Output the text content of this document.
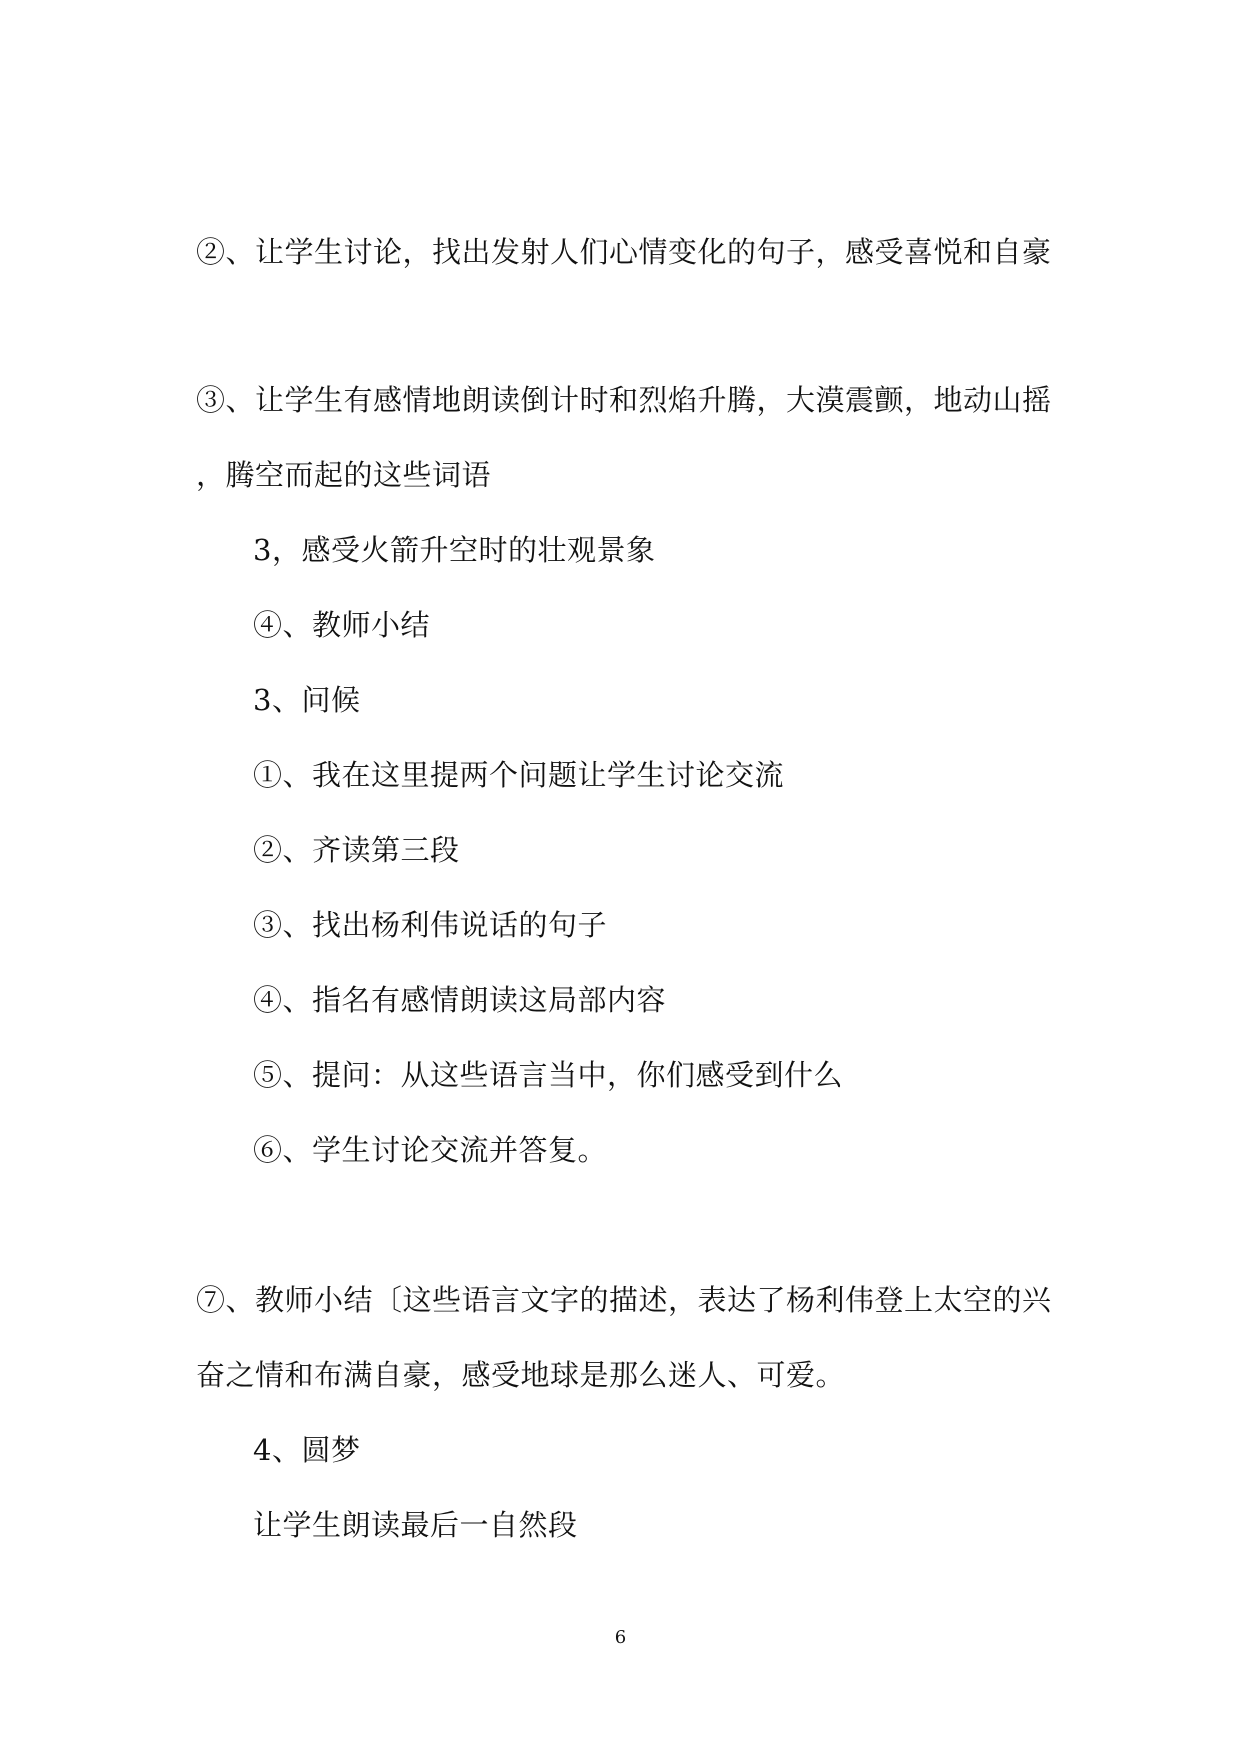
②、让学生讨论，找出发射人们心情变化的句子，感受喜悦和自豪
③、让学生有感情地朗读倒计时和烈焰升腾，大漠震颤，地动山摇
，腾空而起的这些词语
3，感受火箭升空时的壮观景象
④、教师小结
3、问候
①、我在这里提两个问题让学生讨论交流
②、齐读第三段
③、找出杨利伟说话的句子
④、指名有感情朗读这局部内容
⑤、提问：从这些语言当中，你们感受到什么
⑥、学生讨论交流并答复。
⑦、教师小结〔这些语言文字的描述，表达了杨利伟登上太空的兴
奋之情和布满自豪，感受地球是那么迷人、可爱。
4、圆梦
让学生朗读最后一自然段
6
